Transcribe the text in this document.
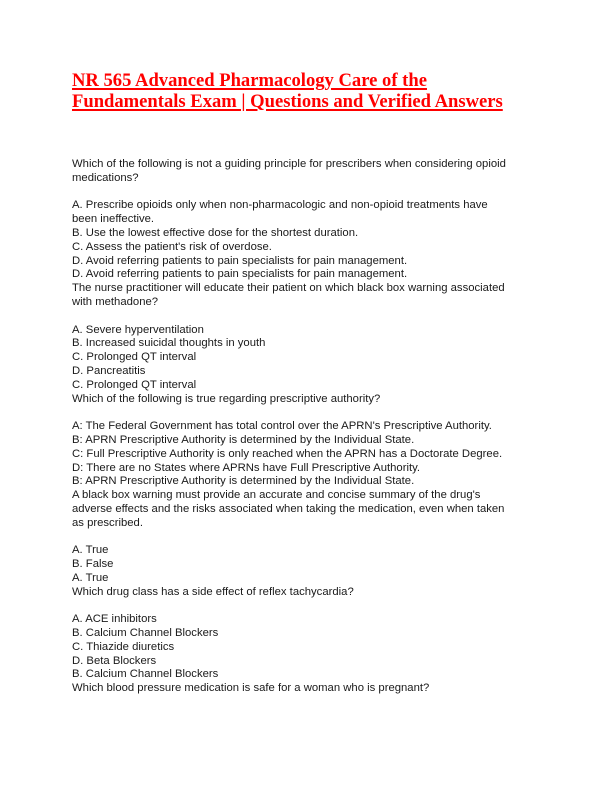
NR 565 Advanced Pharmacology Care of the
Fundamentals Exam | Questions and Verified Answers
Which of the following is not a guiding principle for prescribers when considering opioid
medications?
A. Prescribe opioids only when non-pharmacologic and non-opioid treatments have
been ineffective.
B. Use the lowest effective dose for the shortest duration.
C. Assess the patient's risk of overdose.
D. Avoid referring patients to pain specialists for pain management.
D. Avoid referring patients to pain specialists for pain management.
The nurse practitioner will educate their patient on which black box warning associated
with methadone?
A. Severe hyperventilation
B. Increased suicidal thoughts in youth
C. Prolonged QT interval
D. Pancreatitis
C. Prolonged QT interval
Which of the following is true regarding prescriptive authority?
A: The Federal Government has total control over the APRN's Prescriptive Authority.
B: APRN Prescriptive Authority is determined by the Individual State.
C: Full Prescriptive Authority is only reached when the APRN has a Doctorate Degree.
D: There are no States where APRNs have Full Prescriptive Authority.
B: APRN Prescriptive Authority is determined by the Individual State.
A black box warning must provide an accurate and concise summary of the drug's
adverse effects and the risks associated when taking the medication, even when taken
as prescribed.
A. True
B. False
A. True
Which drug class has a side effect of reflex tachycardia?
A. ACE inhibitors
B. Calcium Channel Blockers
C. Thiazide diuretics
D. Beta Blockers
B. Calcium Channel Blockers
Which blood pressure medication is safe for a woman who is pregnant?
